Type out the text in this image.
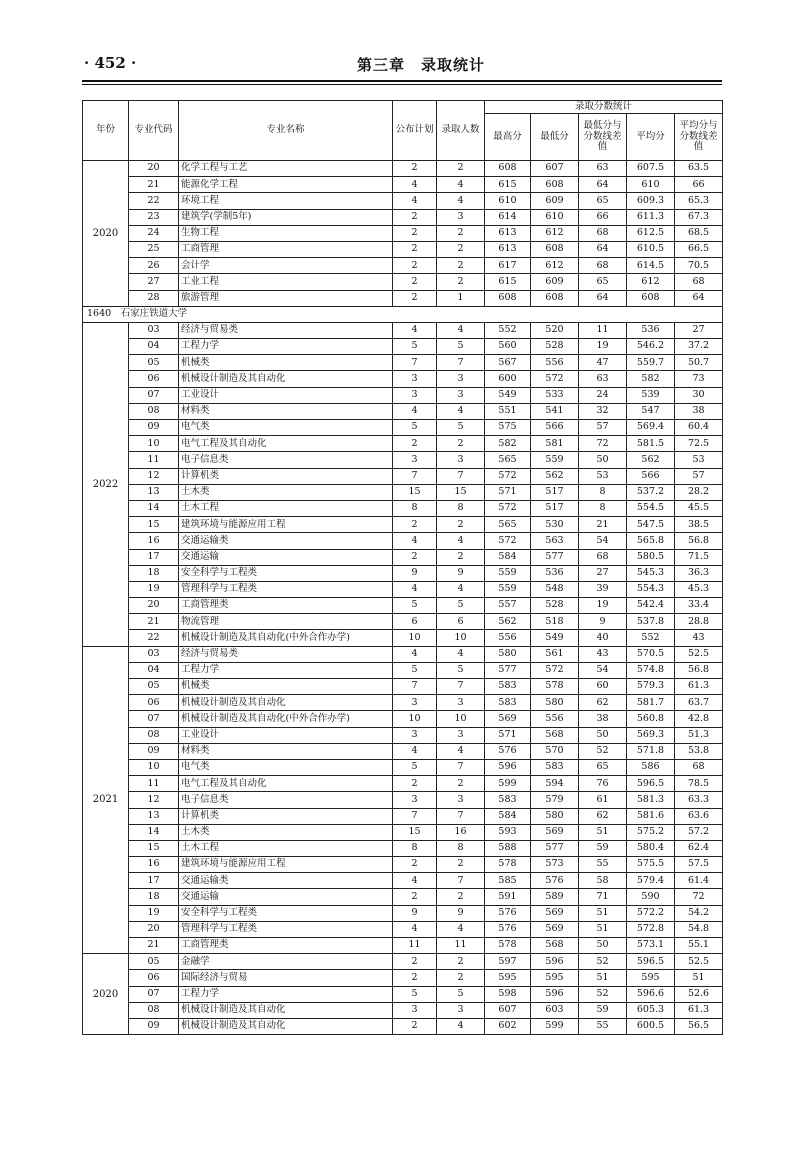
· 452 ·	第三章　录取统计
年份	专业代码	专业名称	公布计划	录取人数	录取分数统计				
					最高分	最低分	最低分与分数线差值	平均分	平均分与分数线差值
2020	20	化学工程与工艺	2	2	608	607	63	607.5	63.5
	21	能源化学工程	4	4	615	608	64	610	66
	22	环境工程	4	4	610	609	65	609.3	65.3
	23	建筑学(学制5年)	2	3	614	610	66	611.3	67.3
	24	生物工程	2	2	613	612	68	612.5	68.5
	25	工商管理	2	2	613	608	64	610.5	66.5
	26	会计学	2	2	617	612	68	614.5	70.5
	27	工业工程	2	2	615	609	65	612	68
	28	旅游管理	2	1	608	608	64	608	64
1640　石家庄铁道大学									
2022	03	经济与贸易类	4	4	552	520	11	536	27
	04	工程力学	5	5	560	528	19	546.2	37.2
	05	机械类	7	7	567	556	47	559.7	50.7
	06	机械设计制造及其自动化	3	3	600	572	63	582	73
	07	工业设计	3	3	549	533	24	539	30
	08	材料类	4	4	551	541	32	547	38
	09	电气类	5	5	575	566	57	569.4	60.4
	10	电气工程及其自动化	2	2	582	581	72	581.5	72.5
	11	电子信息类	3	3	565	559	50	562	53
	12	计算机类	7	7	572	562	53	566	57
	13	土木类	15	15	571	517	8	537.2	28.2
	14	土木工程	8	8	572	517	8	554.5	45.5
	15	建筑环境与能源应用工程	2	2	565	530	21	547.5	38.5
	16	交通运输类	4	4	572	563	54	565.8	56.8
	17	交通运输	2	2	584	577	68	580.5	71.5
	18	安全科学与工程类	9	9	559	536	27	545.3	36.3
	19	管理科学与工程类	4	4	559	548	39	554.3	45.3
	20	工商管理类	5	5	557	528	19	542.4	33.4
	21	物流管理	6	6	562	518	9	537.8	28.8
	22	机械设计制造及其自动化(中外合作办学)	10	10	556	549	40	552	43
2021	03	经济与贸易类	4	4	580	561	43	570.5	52.5
	04	工程力学	5	5	577	572	54	574.8	56.8
	05	机械类	7	7	583	578	60	579.3	61.3
	06	机械设计制造及其自动化	3	3	583	580	62	581.7	63.7
	07	机械设计制造及其自动化(中外合作办学)	10	10	569	556	38	560.8	42.8
	08	工业设计	3	3	571	568	50	569.3	51.3
	09	材料类	4	4	576	570	52	571.8	53.8
	10	电气类	5	7	596	583	65	586	68
	11	电气工程及其自动化	2	2	599	594	76	596.5	78.5
	12	电子信息类	3	3	583	579	61	581.3	63.3
	13	计算机类	7	7	584	580	62	581.6	63.6
	14	土木类	15	16	593	569	51	575.2	57.2
	15	土木工程	8	8	588	577	59	580.4	62.4
	16	建筑环境与能源应用工程	2	2	578	573	55	575.5	57.5
	17	交通运输类	4	7	585	576	58	579.4	61.4
	18	交通运输	2	2	591	589	71	590	72
	19	安全科学与工程类	9	9	576	569	51	572.2	54.2
	20	管理科学与工程类	4	4	576	569	51	572.8	54.8
	21	工商管理类	11	11	578	568	50	573.1	55.1
2020	05	金融学	2	2	597	596	52	596.5	52.5
	06	国际经济与贸易	2	2	595	595	51	595	51
	07	工程力学	5	5	598	596	52	596.6	52.6
	08	机械设计制造及其自动化	3	3	607	603	59	605.3	61.3
	09	机械设计制造及其自动化	2	4	602	599	55	600.5	56.5
